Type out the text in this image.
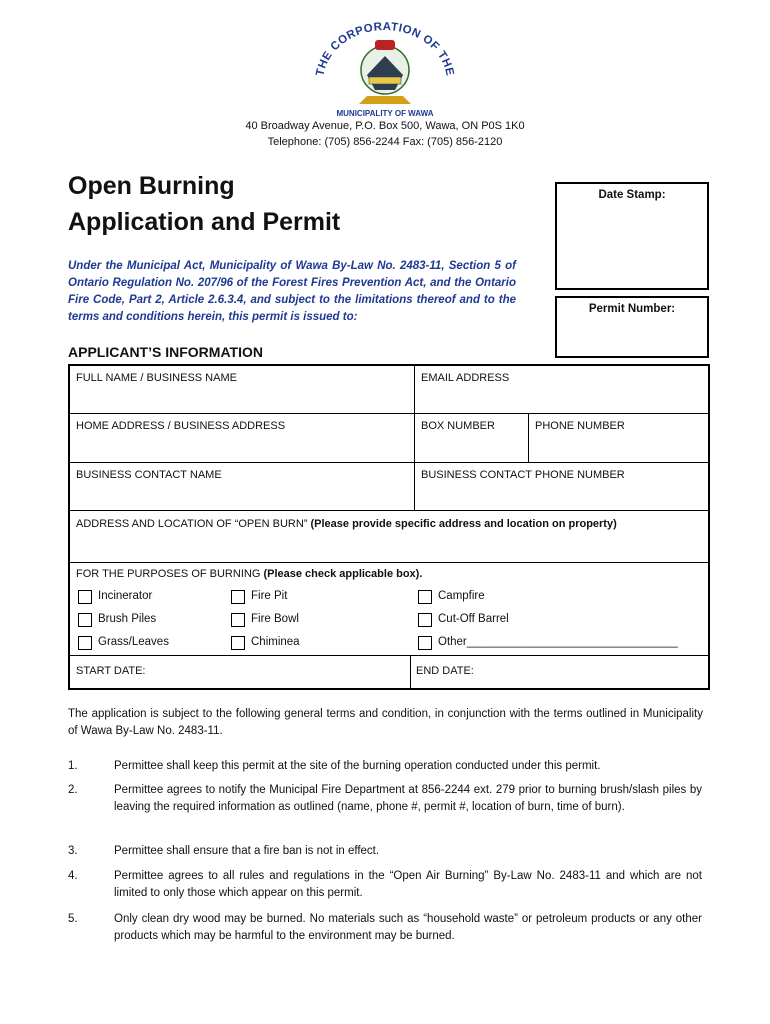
THE CORPORATION OF THE
MUNICIPALITY OF WAWA
40 Broadway Avenue, P.O. Box 500, Wawa, ON P0S 1K0
Telephone: (705) 856-2244 Fax: (705) 856-2120
Open Burning
Application and Permit
Under the Municipal Act, Municipality of Wawa By-Law No. 2483-11, Section 5 of Ontario Regulation No. 207/96 of the Forest Fires Prevention Act, and the Ontario Fire Code, Part 2, Article 2.6.3.4, and subject to the limitations thereof and to the terms and conditions herein, this permit is issued to:
Date Stamp:
Permit Number:
APPLICANT’S INFORMATION
FULL NAME / BUSINESS NAME	EMAIL ADDRESS
HOME ADDRESS / BUSINESS ADDRESS	BOX NUMBER	PHONE NUMBER
BUSINESS CONTACT NAME	BUSINESS CONTACT PHONE NUMBER
ADDRESS AND LOCATION OF “OPEN BURN” (Please provide specific address and location on property)
FOR THE PURPOSES OF BURNING (Please check applicable box).
Incinerator	Fire Pit	Campfire
Brush Piles	Fire Bowl	Cut-Off Barrel
Grass/Leaves	Chiminea	Other_________________________________
START DATE:	END DATE:
The application is subject to the following general terms and condition, in conjunction with the terms outlined in Municipality of Wawa By-Law No. 2483-11.
1.	Permittee shall keep this permit at the site of the burning operation conducted under this permit.
2.	Permittee agrees to notify the Municipal Fire Department at 856-2244 ext. 279 prior to burning brush/slash piles by leaving the required information as outlined (name, phone #, permit #, location of burn, time of burn).
3.	Permittee shall ensure that a fire ban is not in effect.
4.	Permittee agrees to all rules and regulations in the “Open Air Burning” By-Law No. 2483-11 and which are not limited to only those which appear on this permit.
5.	Only clean dry wood may be burned. No materials such as “household waste” or petroleum products or any other products which may be harmful to the environment may be burned.
